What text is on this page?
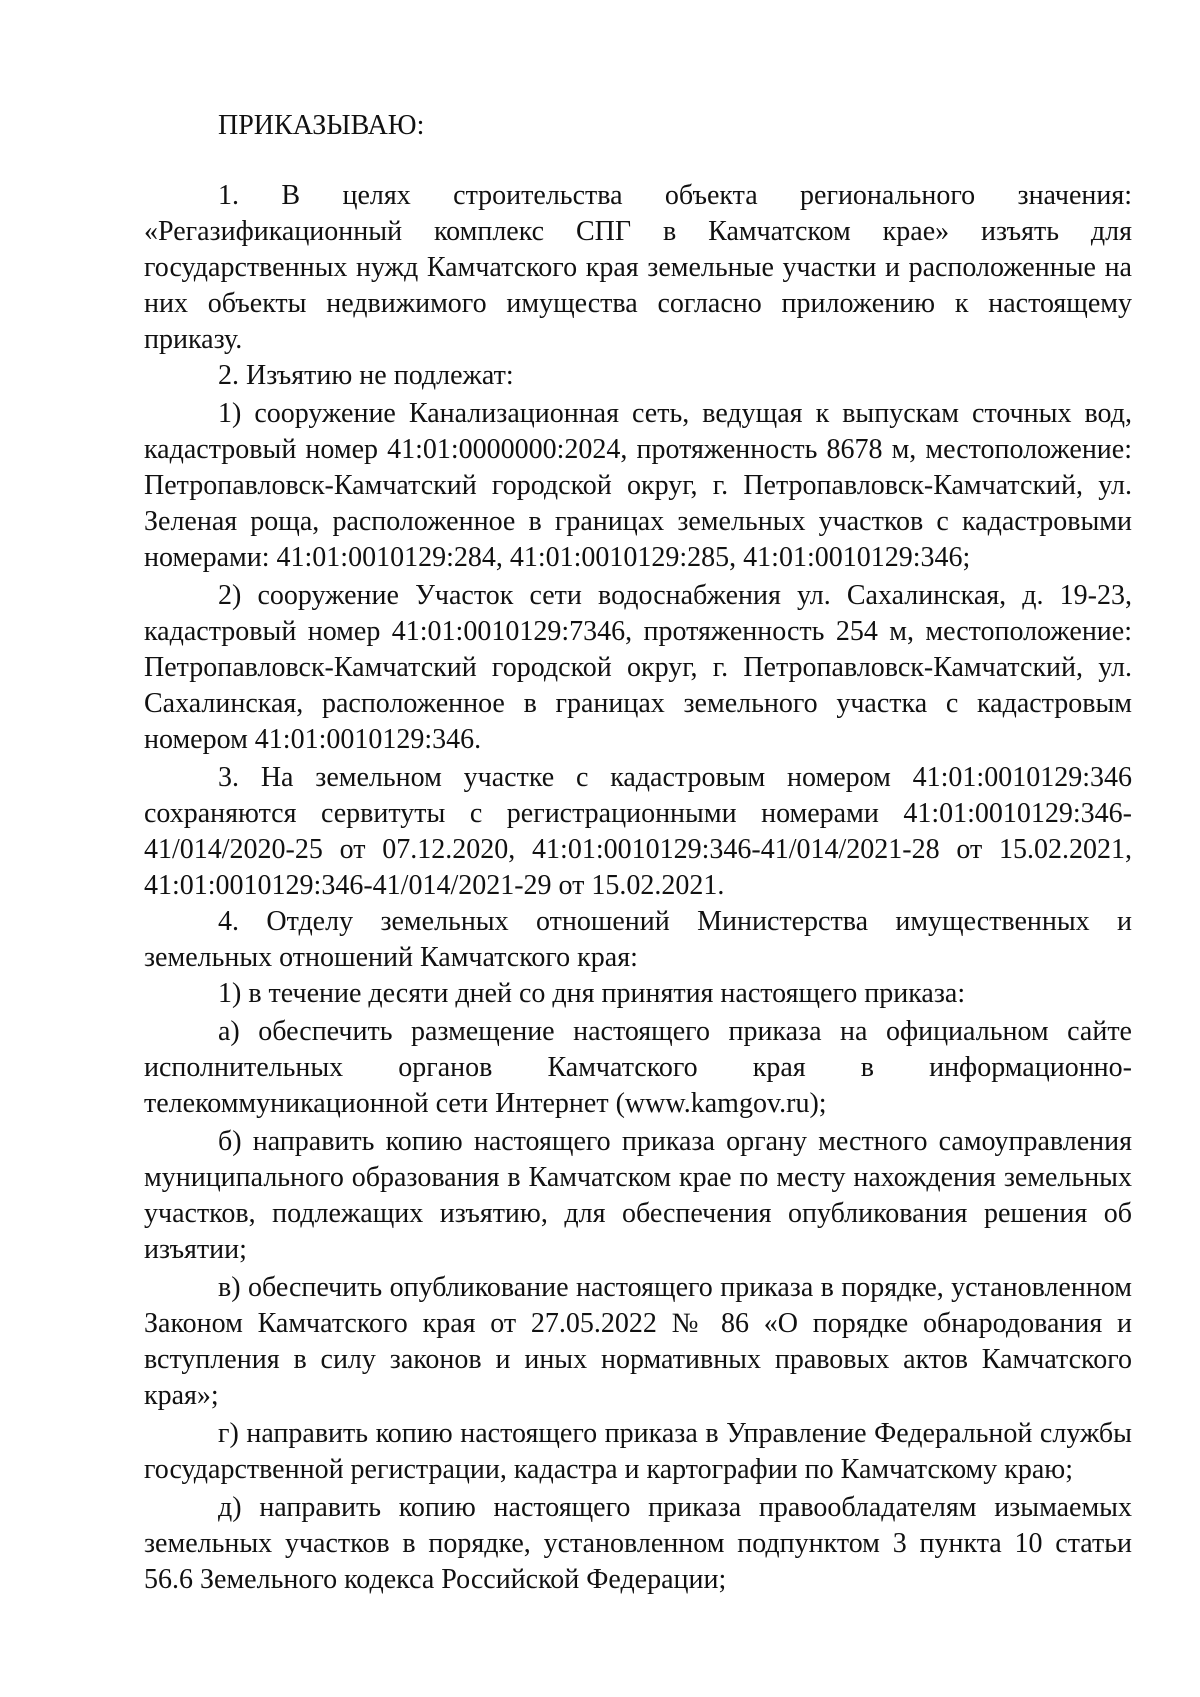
ПРИКАЗЫВАЮ:

1. В целях строительства объекта регионального значения: «Регазификационный комплекс СПГ в Камчатском крае» изъять для государственных нужд Камчатского края земельные участки и расположенные на них объекты недвижимого имущества согласно приложению к настоящему приказу.

2. Изъятию не подлежат:

1) сооружение Канализационная сеть, ведущая к выпускам сточных вод, кадастровый номер 41:01:0000000:2024, протяженность 8678 м, местоположение: Петропавловск-Камчатский городской округ, г. Петропавловск-Камчатский, ул. Зеленая роща, расположенное в границах земельных участков с кадастровыми номерами: 41:01:0010129:284, 41:01:0010129:285, 41:01:0010129:346;

2) сооружение Участок сети водоснабжения ул. Сахалинская, д. 19-23, кадастровый номер 41:01:0010129:7346, протяженность 254 м, местоположение: Петропавловск-Камчатский городской округ, г. Петропавловск-Камчатский, ул. Сахалинская, расположенное в границах земельного участка с кадастровым номером 41:01:0010129:346.

3. На земельном участке с кадастровым номером 41:01:0010129:346 сохраняются сервитуты с регистрационными номерами 41:01:0010129:346-41/014/2020-25 от 07.12.2020, 41:01:0010129:346-41/014/2021-28 от 15.02.2021, 41:01:0010129:346-41/014/2021-29 от 15.02.2021.

4. Отделу земельных отношений Министерства имущественных и земельных отношений Камчатского края:

1) в течение десяти дней со дня принятия настоящего приказа:

а) обеспечить размещение настоящего приказа на официальном сайте исполнительных органов Камчатского края в информационно-телекоммуникационной сети Интернет (www.kamgov.ru);

б) направить копию настоящего приказа органу местного самоуправления муниципального образования в Камчатском крае по месту нахождения земельных участков, подлежащих изъятию, для обеспечения опубликования решения об изъятии;

в) обеспечить опубликование настоящего приказа в порядке, установленном Законом Камчатского края от 27.05.2022 № 86 «О порядке обнародования и вступления в силу законов и иных нормативных правовых актов Камчатского края»;

г) направить копию настоящего приказа в Управление Федеральной службы государственной регистрации, кадастра и картографии по Камчатскому краю;

д) направить копию настоящего приказа правообладателям изымаемых земельных участков в порядке, установленном подпунктом 3 пункта 10 статьи 56.6 Земельного кодекса Российской Федерации;
